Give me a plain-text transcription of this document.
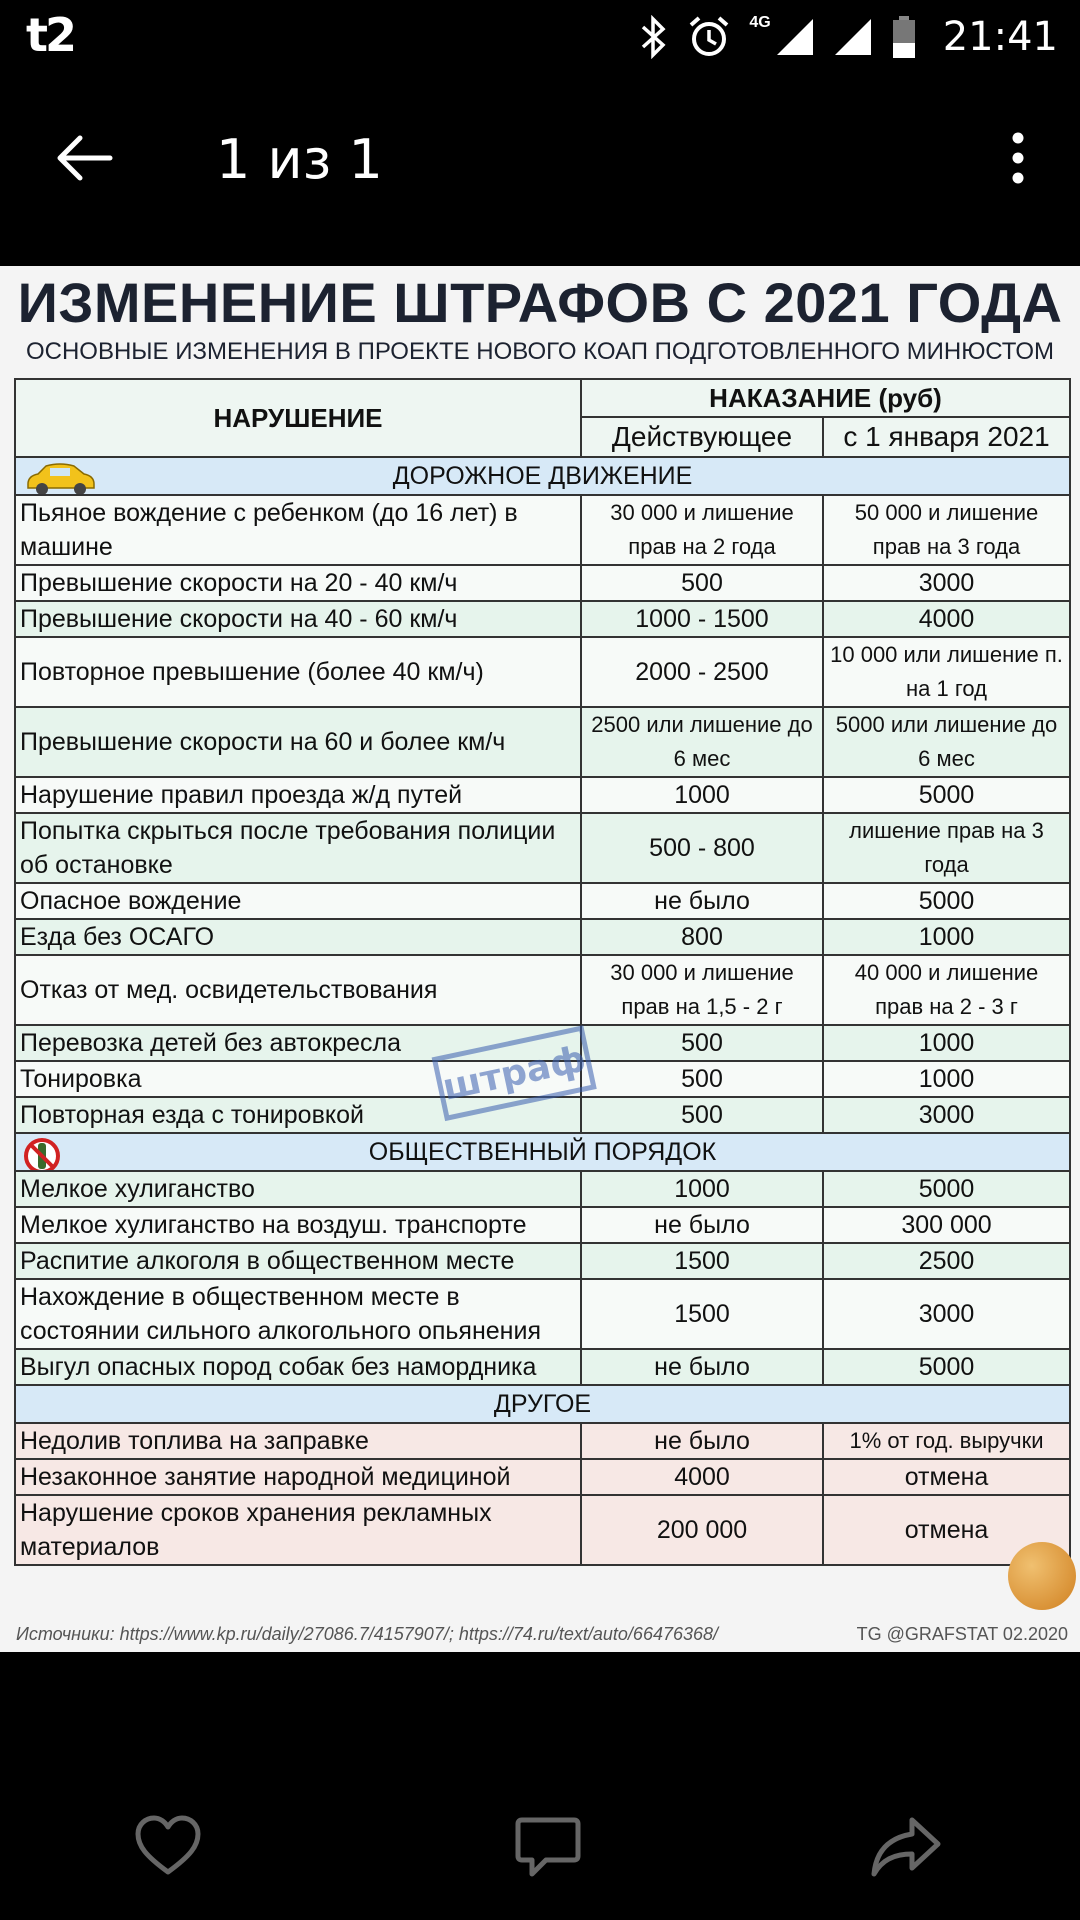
t2	4G	21:41
1 из 1
ИЗМЕНЕНИЕ ШТРАФОВ С 2021 ГОДА
ОСНОВНЫЕ ИЗМЕНЕНИЯ В ПРОЕКТЕ НОВОГО КОАП ПОДГОТОВЛЕННОГО МИНЮСТОМ
НАРУШЕНИЕ	НАКАЗАНИЕ (руб)	
	Действующее	с 1 января 2021

ДОРОЖНОЕ ДВИЖЕНИЕ		
Пьяное вождение с ребенком (до 16 лет) в машине	30 000 и лишение прав на 2 года	50 000 и лишение прав на 3 года
Превышение скорости на 20 - 40 км/ч	500	3000
Превышение скорости на 40 - 60 км/ч	1000 - 1500	4000
Повторное превышение (более 40 км/ч)	2000 - 2500	10 000 или лишение п. на 1 год
Превышение скорости на 60 и более км/ч	2500 или лишение до 6 мес	5000 или лишение до 6 мес
Нарушение правил проезда ж/д путей	1000	5000
Попытка скрыться после требования полиции об остановке	500 - 800	лишение прав на 3 года
Опасное вождение	не было	5000
Езда без ОСАГО	800	1000
Отказ от мед. освидетельствования	30 000 и лишение прав на 1,5 - 2 г	40 000 и лишение прав на 2 - 3 г
Перевозка детей без автокресла	500	1000
Тонировка	500	1000
Повторная езда с тонировкой	500	3000

ОБЩЕСТВЕННЫЙ ПОРЯДОК		
Мелкое хулиганство	1000	5000
Мелкое хулиганство на воздуш. транспорте	не было	300 000
Распитие алкоголя в общественном месте	1500	2500
Нахождение в общественном месте в состоянии сильного алкогольного опьянения	1500	3000
Выгул опасных пород собак без намордника	не было	5000
ДРУГОЕ		
Недолив топлива на заправке	не было	1% от год. выручки
Незаконное занятие народной медициной	4000	отмена
Нарушение сроков хранения рекламных материалов	200 000	отмена
штраф
Источники: https://www.kp.ru/daily/27086.7/4157907/; https://74.ru/text/auto/66476368/	TG @GRAFSTAT 02.2020
